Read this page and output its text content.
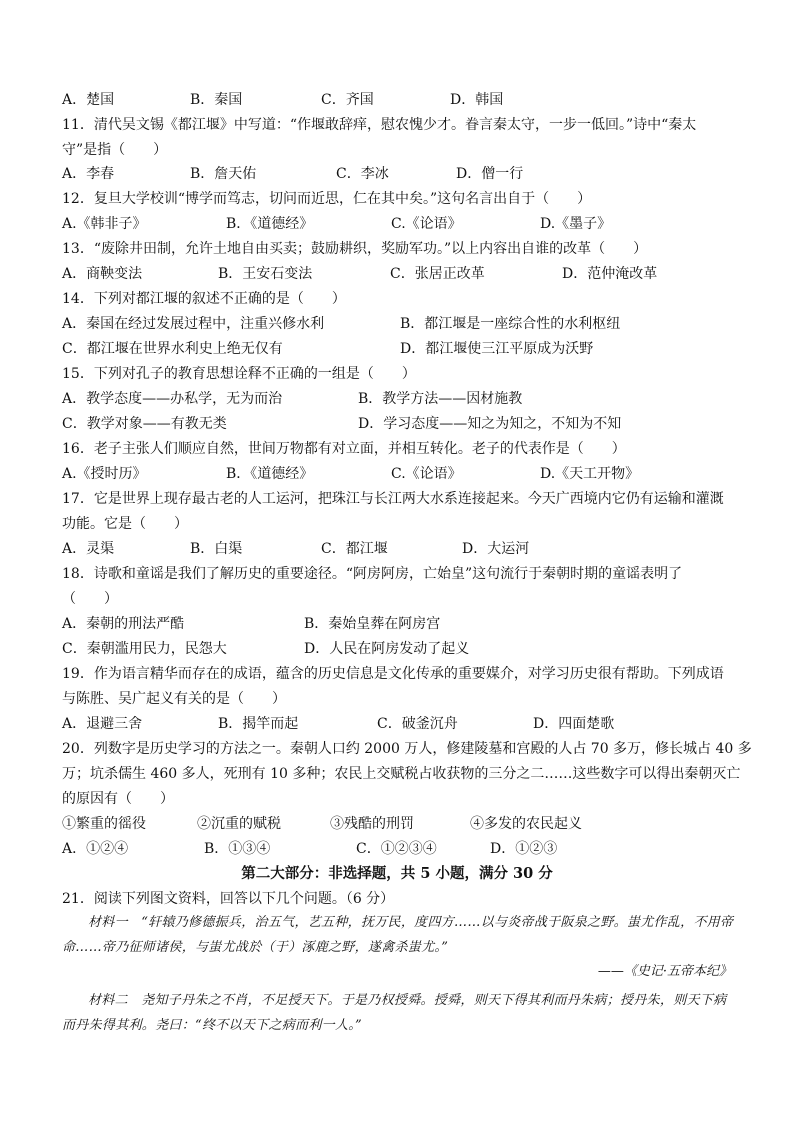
A．楚国	B．秦国	C．齐国	D．韩国
11．清代吴文锡《都江堰》中写道：“作堰敢辞痒，慰农愧少才。眷言秦太守，一步一低回。”诗中“秦太
守”是指（　　）
A．李春	B．詹天佑	C．李冰	D．僧一行
12．复旦大学校训“博学而笃志，切问而近思，仁在其中矣。”这句名言出自于（　　）
A.《韩非子》	B．《道德经》	C.《论语》	D.《墨子》
13．“废除井田制，允许土地自由买卖；鼓励耕织，奖励军功。”以上内容出自谁的改革（　　）
A．商鞅变法	B．王安石变法	C．张居正改革	D．范仲淹改革
14．下列对都江堰的叙述不正确的是（　　）
A．秦国在经过发展过程中，注重兴修水利	B．都江堰是一座综合性的水利枢纽
C．都江堰在世界水利史上绝无仅有	D．都江堰使三江平原成为沃野
15．下列对孔子的教育思想诠释不正确的一组是（　　）
A．教学态度——办私学，无为而治	B．教学方法——因材施教
C．教学对象——有教无类	D．学习态度——知之为知之，不知为不知
16．老子主张人们顺应自然，世间万物都有对立面，并相互转化。老子的代表作是（　　）
A.《授时历》	B．《道德经》	C.《论语》	D.《天工开物》
17．它是世界上现存最古老的人工运河，把珠江与长江两大水系连接起来。今天广西境内它仍有运输和灌溉
功能。它是（　　）
A．灵渠	B．白渠	C．都江堰	D．大运河
18．诗歌和童谣是我们了解历史的重要途径。“阿房阿房，亡始皇”这句流行于秦朝时期的童谣表明了
（　　）
A．秦朝的刑法严酷	B．秦始皇葬在阿房宫
C．秦朝滥用民力，民怨大	D．人民在阿房发动了起义
19．作为语言精华而存在的成语，蕴含的历史信息是文化传承的重要媒介，对学习历史很有帮助。下列成语
与陈胜、吴广起义有关的是（　　）
A．退避三舍	B．揭竿而起	C．破釜沉舟	D．四面楚歌
20．列数字是历史学习的方法之一。秦朝人口约 2000 万人，修建陵墓和宫殿的人占 70 多万，修长城占 40 多
万；坑杀儒生 460 多人，死刑有 10 多种；农民上交赋税占收获物的三分之二……这些数字可以得出秦朝灭亡
的原因有（　　）
①繁重的徭役	②沉重的赋税	③残酷的刑罚	④多发的农民起义
A．①②④	B．①③④	C．①②③④	D．①②③
第二大部分：非选择题，共 5 小题，满分 30 分
21．阅读下列图文资料，回答以下几个问题。（6 分）
材料一　“轩辕乃修德振兵，治五气，艺五种，抚万民，度四方……以与炎帝战于阪泉之野。蚩尤作乱，不用帝命……帝乃征师诸侯，与蚩尤战於（于）涿鹿之野，遂禽杀蚩尤。”
——《史记·五帝本纪》
材料二　尧知子丹朱之不肖，不足授天下。于是乃权授舜。授舜，则天下得其利而丹朱病；授丹朱，则天下病而丹朱得其利。尧曰：“终不以天下之病而利一人。”
